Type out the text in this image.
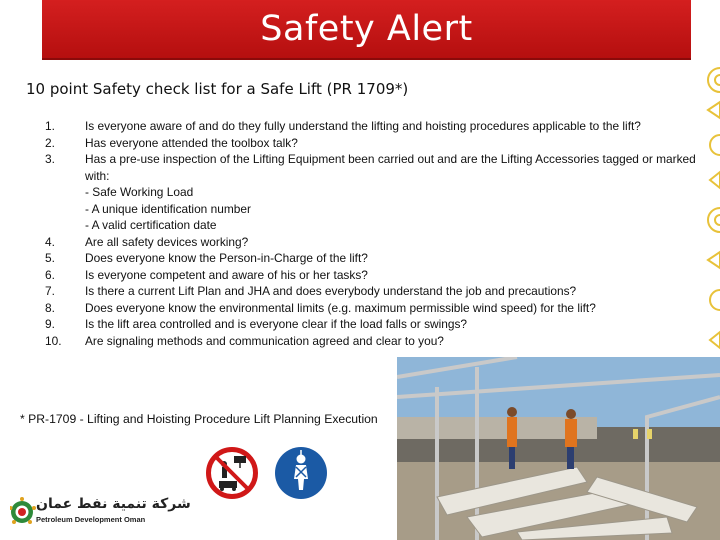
Safety Alert
10 point Safety check list for a Safe Lift (PR 1709*)
1.	Is everyone aware of and do they fully understand the lifting and hoisting procedures applicable to the lift?
2.	Has everyone attended the toolbox talk?
3.	Has a pre-use inspection of the Lifting Equipment been carried out and are the Lifting Accessories tagged or marked with:
- Safe Working Load
- A unique identification number
- A valid certification date
4.	Are all safety devices working?
5.	Does everyone know the Person-in-Charge of the lift?
6.	Is everyone competent and aware of his or her tasks?
7.	Is there a current Lift Plan and JHA and does everybody understand the job and precautions?
8.	Does everyone know the environmental limits (e.g. maximum permissible wind speed) for the lift?
9.	Is the lift area controlled and is everyone clear if the load falls or swings?
10.	Are signaling methods and communication agreed and clear to you?
* PR-1709 - Lifting and Hoisting Procedure Lift Planning Execution
شركة تنمية نفط عمان
Petroleum Development Oman
